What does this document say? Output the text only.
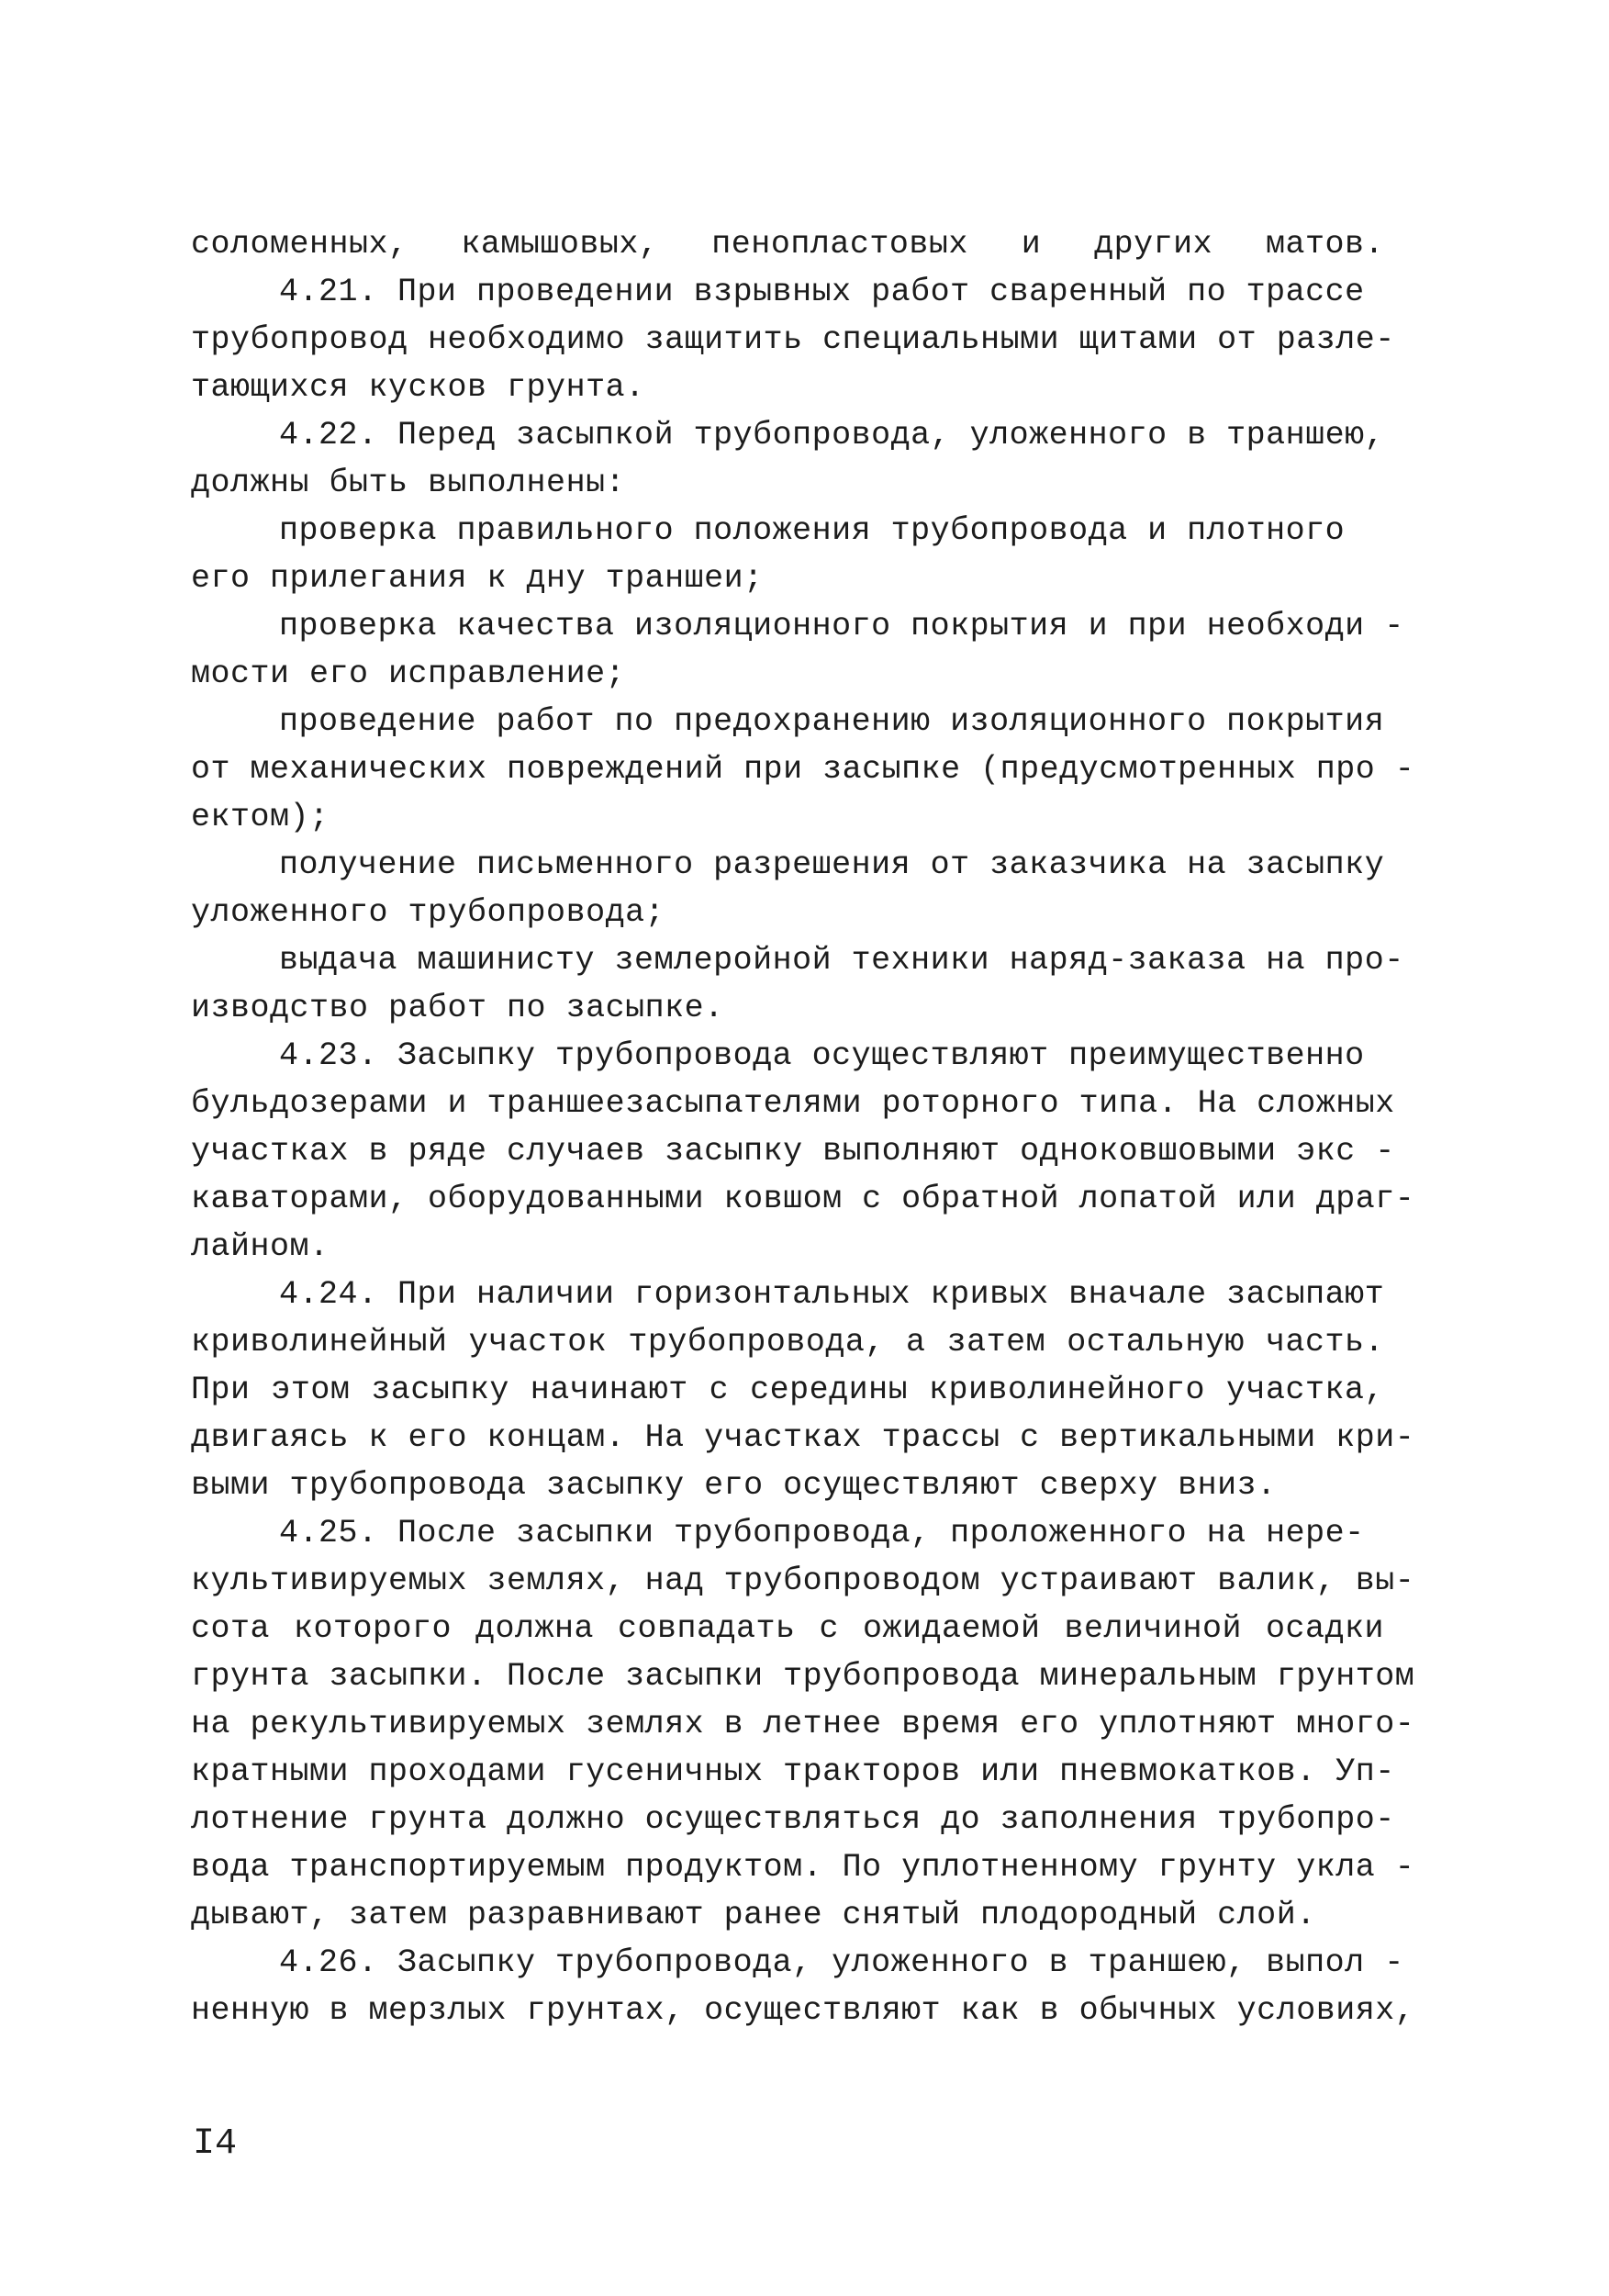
соломенных, камышовых, пенопластовых и других матов.
4.21. При проведении взрывных работ сваренный по трассе
трубопровод необходимо защитить специальными щитами от разле-
тающихся кусков грунта.
4.22. Перед засыпкой трубопровода, уложенного в траншею,
должны быть выполнены:
проверка правильного положения трубопровода и плотного
его прилегания к дну траншеи;
проверка качества изоляционного покрытия и при необходи -
мости его исправление;
проведение работ по предохранению изоляционного покрытия
от механических повреждений при засыпке (предусмотренных про -
ектом);
получение письменного разрешения от заказчика на засыпку
уложенного трубопровода;
выдача машинисту землеройной техники наряд-заказа на про-
изводство работ по засыпке.
4.23. Засыпку трубопровода осуществляют преимущественно
бульдозерами и траншеезасыпателями роторного типа. На сложных
участках в ряде случаев засыпку выполняют одноковшовыми экс -
каваторами, оборудованными ковшом с обратной лопатой или драг-
лайном.
4.24. При наличии горизонтальных кривых вначале засыпают
криволинейный участок трубопровода, а затем остальную часть.
При этом засыпку начинают с середины криволинейного участка,
двигаясь к его концам. На участках трассы с вертикальными кри-
выми трубопровода засыпку его осуществляют сверху вниз.
4.25. После засыпки трубопровода, проложенного на нере-
культивируемых землях, над трубопроводом устраивают валик, вы-
сота которого должна совпадать с ожидаемой величиной осадки
грунта засыпки. После засыпки трубопровода минеральным грунтом
на рекультивируемых землях в летнее время его уплотняют много-
кратными проходами гусеничных тракторов или пневмокатков. Уп-
лотнение грунта должно осуществляться до заполнения трубопро-
вода транспортируемым продуктом. По уплотненному грунту укла -
дывают, затем разравнивают ранее снятый плодородный слой.
4.26. Засыпку трубопровода, уложенного в траншею, выпол -
ненную в мерзлых грунтах, осуществляют как в обычных условиях,
I4
